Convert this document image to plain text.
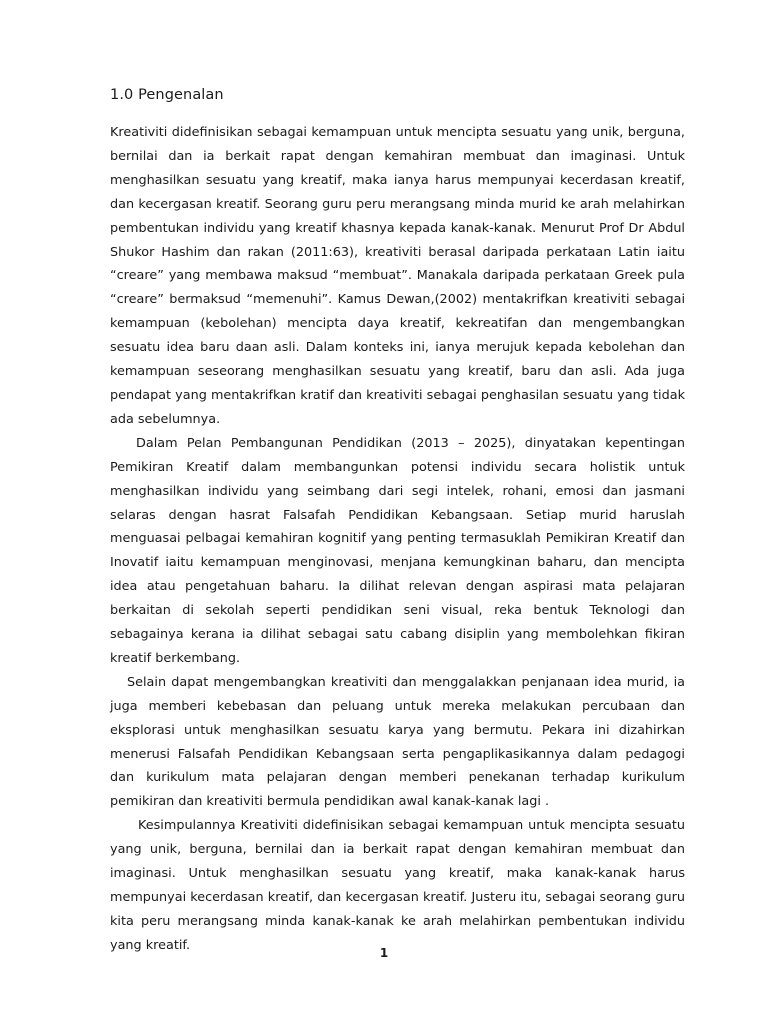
1.0 Pengenalan

Kreativiti didefinisikan sebagai kemampuan untuk mencipta sesuatu yang unik, berguna, bernilai dan ia berkait rapat dengan kemahiran membuat dan imaginasi. Untuk menghasilkan sesuatu yang kreatif, maka ianya harus mempunyai kecerdasan kreatif, dan kecergasan kreatif. Seorang guru peru merangsang minda murid ke arah melahirkan pembentukan individu yang kreatif khasnya kepada kanak-kanak. Menurut Prof Dr Abdul Shukor Hashim dan rakan (2011:63), kreativiti berasal daripada perkataan Latin iaitu “creare” yang membawa maksud “membuat”. Manakala daripada perkataan Greek pula “creare” bermaksud “memenuhi”. Kamus Dewan,(2002) mentakrifkan kreativiti sebagai kemampuan (kebolehan) mencipta daya kreatif, kekreatifan dan mengembangkan sesuatu idea baru daan asli. Dalam konteks ini, ianya merujuk kepada kebolehan dan kemampuan seseorang menghasilkan sesuatu yang kreatif, baru dan asli. Ada juga pendapat yang mentakrifkan kratif dan kreativiti sebagai penghasilan sesuatu yang tidak ada sebelumnya.

Dalam Pelan Pembangunan Pendidikan (2013 – 2025), dinyatakan kepentingan Pemikiran Kreatif dalam membangunkan potensi individu secara holistik untuk menghasilkan individu yang seimbang dari segi intelek, rohani, emosi dan jasmani selaras dengan hasrat Falsafah Pendidikan Kebangsaan. Setiap murid haruslah menguasai pelbagai kemahiran kognitif yang penting termasuklah Pemikiran Kreatif dan Inovatif iaitu kemampuan menginovasi, menjana kemungkinan baharu, dan mencipta idea atau pengetahuan baharu. Ia dilihat relevan dengan aspirasi mata pelajaran berkaitan di sekolah seperti pendidikan seni visual, reka bentuk Teknologi dan sebagainya kerana ia dilihat sebagai satu cabang disiplin yang membolehkan fikiran kreatif berkembang.

Selain dapat mengembangkan kreativiti dan menggalakkan penjanaan idea murid, ia juga memberi kebebasan dan peluang untuk mereka melakukan percubaan dan eksplorasi untuk menghasilkan sesuatu karya yang bermutu. Pekara ini dizahirkan menerusi Falsafah Pendidikan Kebangsaan serta pengaplikasikannya dalam pedagogi dan kurikulum mata pelajaran dengan memberi penekanan terhadap kurikulum pemikiran dan kreativiti bermula pendidikan awal kanak-kanak lagi .

Kesimpulannya Kreativiti didefinisikan sebagai kemampuan untuk mencipta sesuatu yang unik, berguna, bernilai dan ia berkait rapat dengan kemahiran membuat dan imaginasi. Untuk menghasilkan sesuatu yang kreatif, maka kanak-kanak harus mempunyai kecerdasan kreatif, dan kecergasan kreatif. Justeru itu, sebagai seorang guru kita peru merangsang minda kanak-kanak ke arah melahirkan pembentukan individu yang kreatif.

1
